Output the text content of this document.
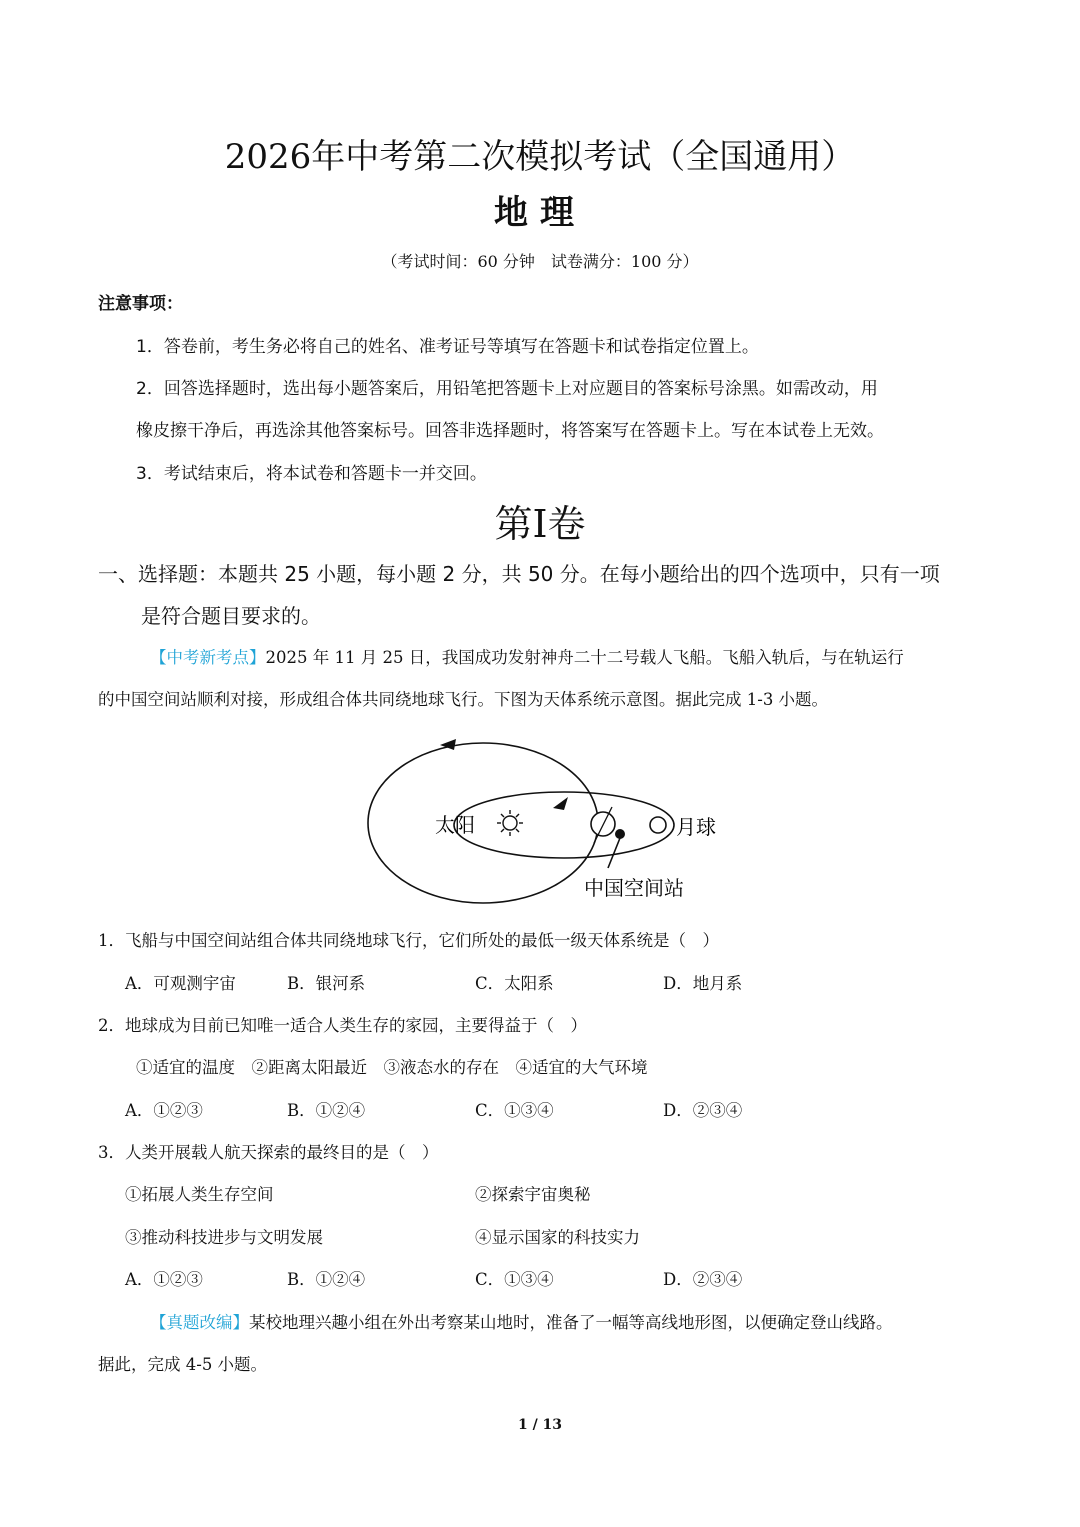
2026年中考第二次模拟考试（全国通用）
地理
（考试时间：60 分钟　试卷满分：100 分）
注意事项：
1．答卷前，考生务必将自己的姓名、准考证号等填写在答题卡和试卷指定位置上。
2．回答选择题时，选出每小题答案后，用铅笔把答题卡上对应题目的答案标号涂黑。如需改动，用
橡皮擦干净后，再选涂其他答案标号。回答非选择题时，将答案写在答题卡上。写在本试卷上无效。
3．考试结束后，将本试卷和答题卡一并交回。
第I卷
一、选择题：本题共 25 小题，每小题 2 分，共 50 分。在每小题给出的四个选项中，只有一项
是符合题目要求的。
【中考新考点】2025 年 11 月 25 日，我国成功发射神舟二十二号载人飞船。飞船入轨后，与在轨运行
的中国空间站顺利对接，形成组合体共同绕地球飞行。下图为天体系统示意图。据此完成 1-3 小题。
太阳	月球
中国空间站
1．飞船与中国空间站组合体共同绕地球飞行，它们所处的最低一级天体系统是（　）
A．可观测宇宙	B．银河系	C．太阳系	D．地月系
2．地球成为目前已知唯一适合人类生存的家园，主要得益于（　）
①适宜的温度　②距离太阳最近　③液态水的存在　④适宜的大气环境
A．①②③	B．①②④	C．①③④	D．②③④
3．人类开展载人航天探索的最终目的是（　）
①拓展人类生存空间	②探索宇宙奥秘
③推动科技进步与文明发展	④显示国家的科技实力
A．①②③	B．①②④	C．①③④	D．②③④
【真题改编】某校地理兴趣小组在外出考察某山地时，准备了一幅等高线地形图，以便确定登山线路。
据此，完成 4-5 小题。
1 / 13
